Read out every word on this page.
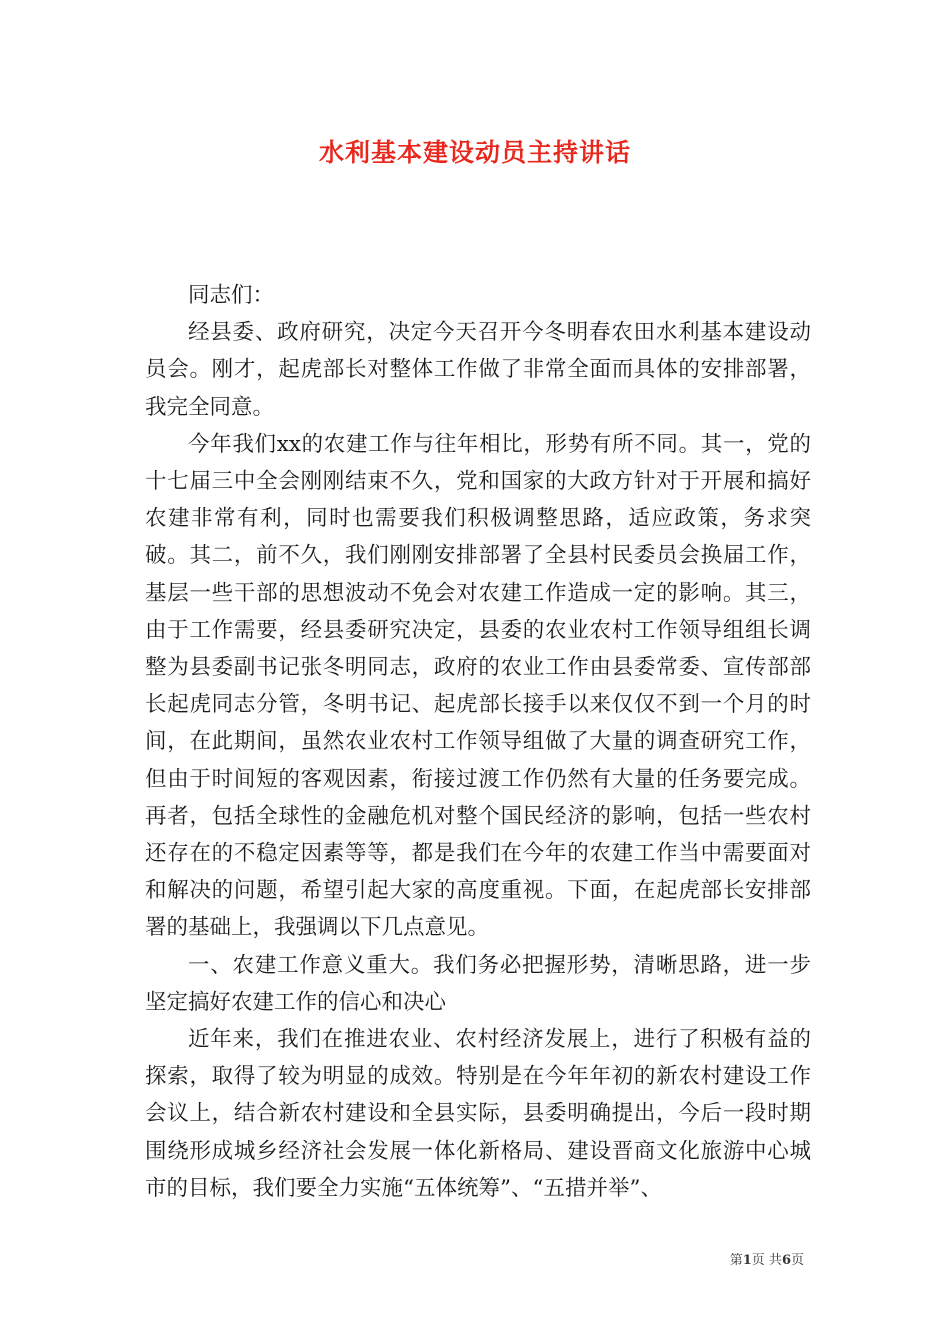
水利基本建设动员主持讲话

同志们：

经县委、政府研究，决定今天召开今冬明春农田水利基本建设动员会。刚才，起虎部长对整体工作做了非常全面而具体的安排部署，我完全同意。

今年我们xx的农建工作与往年相比，形势有所不同。其一，党的十七届三中全会刚刚结束不久，党和国家的大政方针对于开展和搞好农建非常有利，同时也需要我们积极调整思路，适应政策，务求突破。其二，前不久，我们刚刚安排部署了全县村民委员会换届工作，基层一些干部的思想波动不免会对农建工作造成一定的影响。其三，由于工作需要，经县委研究决定，县委的农业农村工作领导组组长调整为县委副书记张冬明同志，政府的农业工作由县委常委、宣传部部长起虎同志分管，冬明书记、起虎部长接手以来仅仅不到一个月的时间，在此期间，虽然农业农村工作领导组做了大量的调查研究工作，但由于时间短的客观因素，衔接过渡工作仍然有大量的任务要完成。再者，包括全球性的金融危机对整个国民经济的影响，包括一些农村还存在的不稳定因素等等，都是我们在今年的农建工作当中需要面对和解决的问题，希望引起大家的高度重视。下面，在起虎部长安排部署的基础上，我强调以下几点意见。

一、农建工作意义重大。我们务必把握形势，清晰思路，进一步坚定搞好农建工作的信心和决心

近年来，我们在推进农业、农村经济发展上，进行了积极有益的探索，取得了较为明显的成效。特别是在今年年初的新农村建设工作会议上，结合新农村建设和全县实际，县委明确提出，今后一段时期围绕形成城乡经济社会发展一体化新格局、建设晋商文化旅游中心城市的目标，我们要全力实施“五体统筹”、“五措并举”、

第1页 共6页
